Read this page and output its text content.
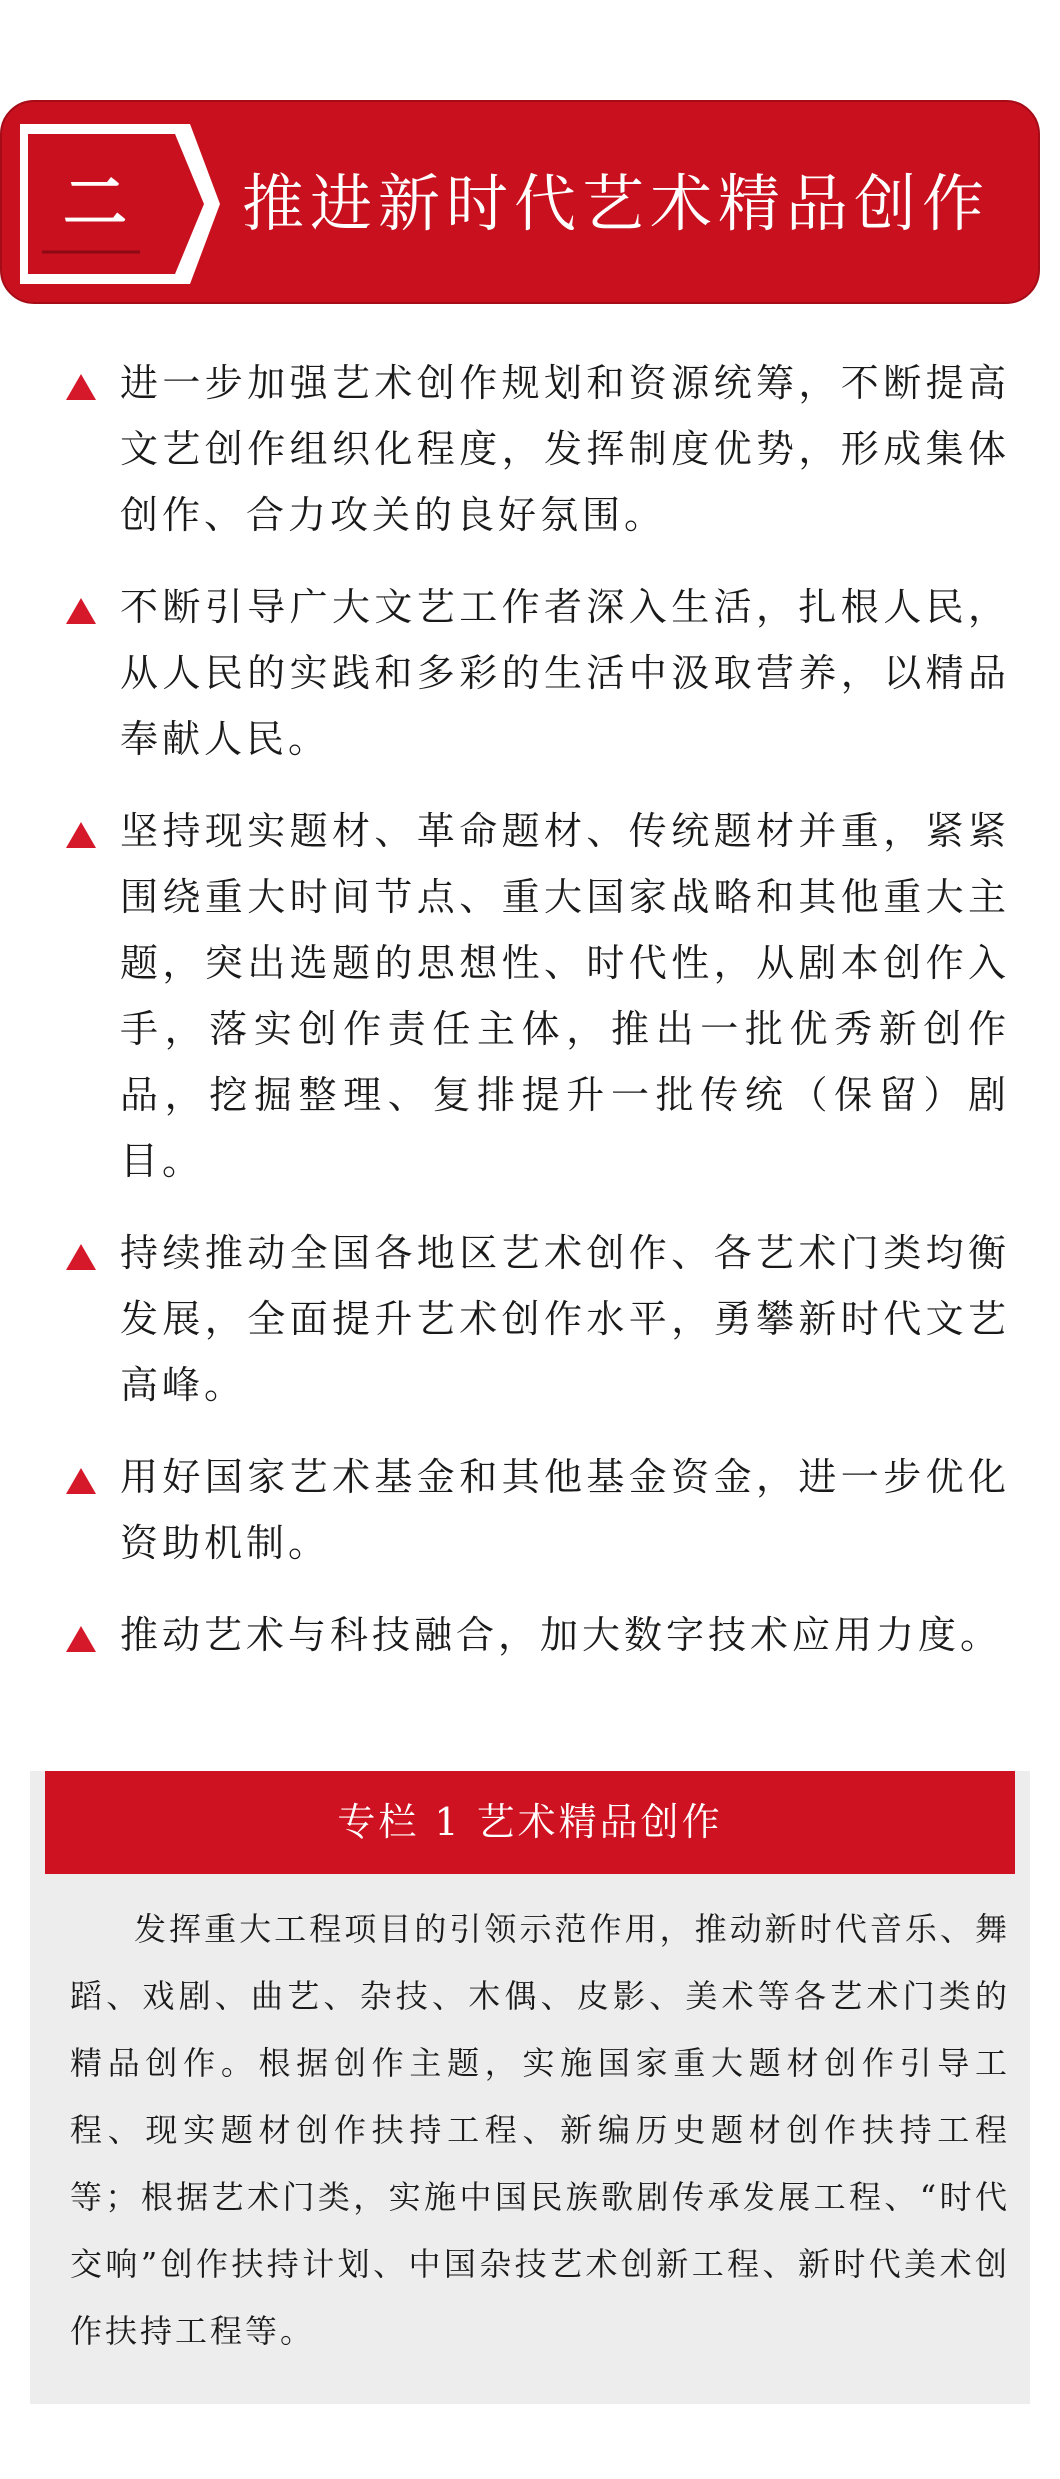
二	推进新时代艺术精品创作
进一步加强艺术创作规划和资源统筹，不断提高文艺创作组织化程度，发挥制度优势，形成集体创作、合力攻关的良好氛围。
不断引导广大文艺工作者深入生活，扎根人民，从人民的实践和多彩的生活中汲取营养，以精品奉献人民。
坚持现实题材、革命题材、传统题材并重，紧紧围绕重大时间节点、重大国家战略和其他重大主题，突出选题的思想性、时代性，从剧本创作入手，落实创作责任主体，推出一批优秀新创作品，挖掘整理、复排提升一批传统（保留）剧目。
持续推动全国各地区艺术创作、各艺术门类均衡发展，全面提升艺术创作水平，勇攀新时代文艺高峰。
用好国家艺术基金和其他基金资金，进一步优化资助机制。
推动艺术与科技融合，加大数字技术应用力度。
专栏 1 艺术精品创作

发挥重大工程项目的引领示范作用，推动新时代音乐、舞蹈、戏剧、曲艺、杂技、木偶、皮影、美术等各艺术门类的精品创作。根据创作主题，实施国家重大题材创作引导工程、现实题材创作扶持工程、新编历史题材创作扶持工程等；根据艺术门类，实施中国民族歌剧传承发展工程、“时代交响”创作扶持计划、中国杂技艺术创新工程、新时代美术创作扶持工程等。
